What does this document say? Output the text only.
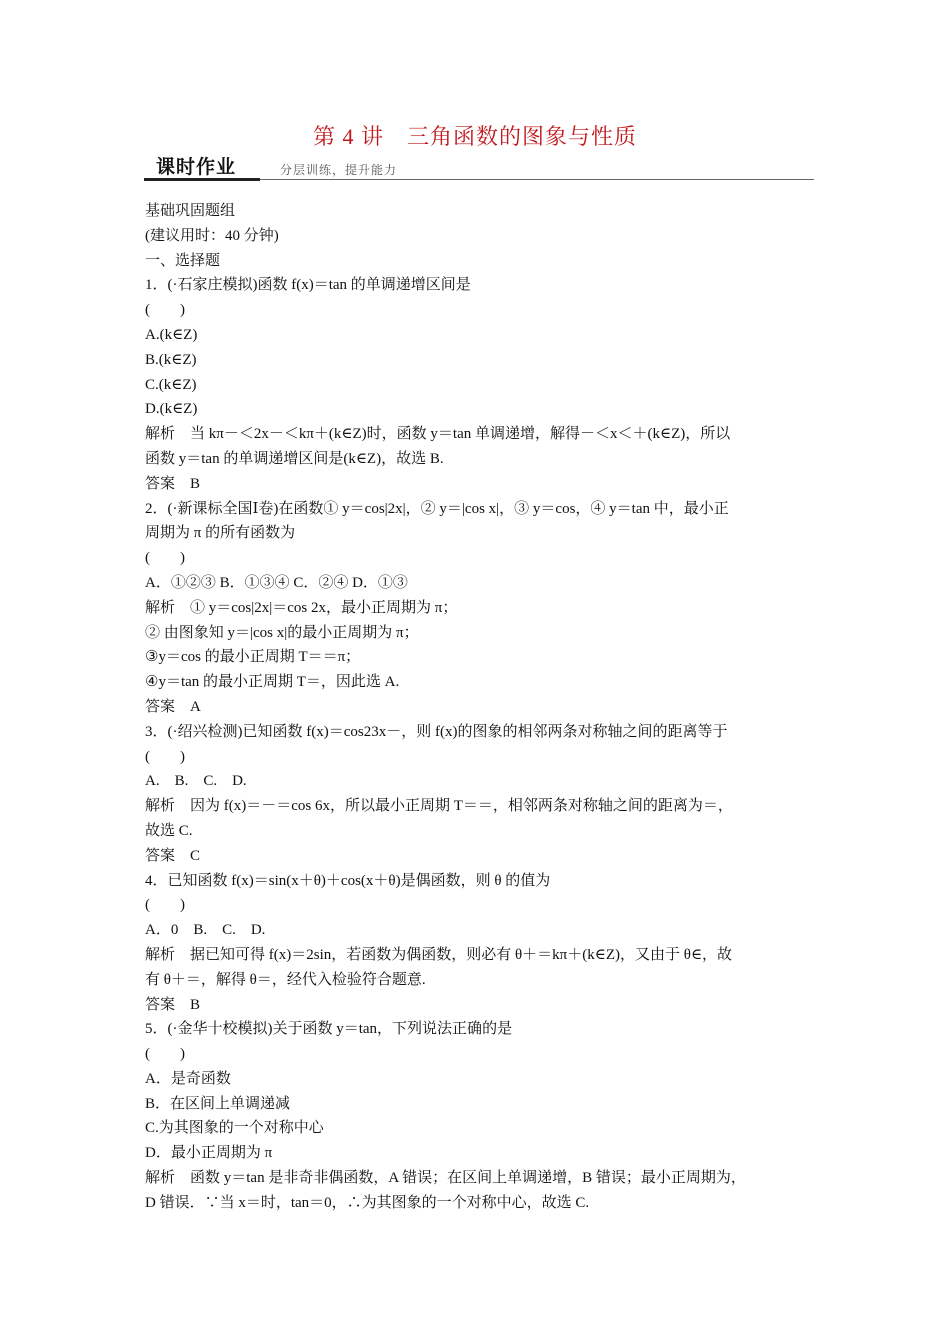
第 4 讲　三角函数的图象与性质
课时作业	分层训练，提升能力
基础巩固题组
(建议用时：40 分钟)
一、选择题
1．(·石家庄模拟)函数 f(x)＝tan 的单调递增区间是
(　　)
A.(k∈Z)
B.(k∈Z)
C.(k∈Z)
D.(k∈Z)
解析　当 kπ－＜2x－＜kπ＋(k∈Z)时，函数 y＝tan 单调递增，解得－＜x＜＋(k∈Z)，所以
函数 y＝tan 的单调递增区间是(k∈Z)，故选 B.
答案　B
2．(·新课标全国Ⅰ卷)在函数① y＝cos|2x|，② y＝|cos x|，③ y＝cos，④ y＝tan 中，最小正
周期为 π 的所有函数为
(　　)
A．①②③ B．①③④ C．②④ D．①③
解析　① y＝cos|2x|＝cos 2x，最小正周期为 π；
② 由图象知 y＝|cos x|的最小正周期为 π；
③y＝cos 的最小正周期 T＝＝π；
④y＝tan 的最小正周期 T＝，因此选 A.
答案　A
3．(·绍兴检测)已知函数 f(x)＝cos23x－，则 f(x)的图象的相邻两条对称轴之间的距离等于
(　　)
A.　B.　C.　D.
解析　因为 f(x)＝－＝cos 6x，所以最小正周期 T＝＝，相邻两条对称轴之间的距离为＝，
故选 C.
答案　C
4．已知函数 f(x)＝sin(x＋θ)＋cos(x＋θ)是偶函数，则 θ 的值为
(　　)
A．0　B.　C.　D.
解析　据已知可得 f(x)＝2sin，若函数为偶函数，则必有 θ＋＝kπ＋(k∈Z)，又由于 θ∈，故
有 θ＋＝，解得 θ＝，经代入检验符合题意.
答案　B
5．(·金华十校模拟)关于函数 y＝tan，下列说法正确的是
(　　)
A．是奇函数
B．在区间上单调递减
C.为其图象的一个对称中心
D．最小正周期为 π
解析　函数 y＝tan 是非奇非偶函数，A 错误；在区间上单调递增，B 错误；最小正周期为，
D 错误．∵当 x＝时，tan＝0，∴为其图象的一个对称中心，故选 C.
